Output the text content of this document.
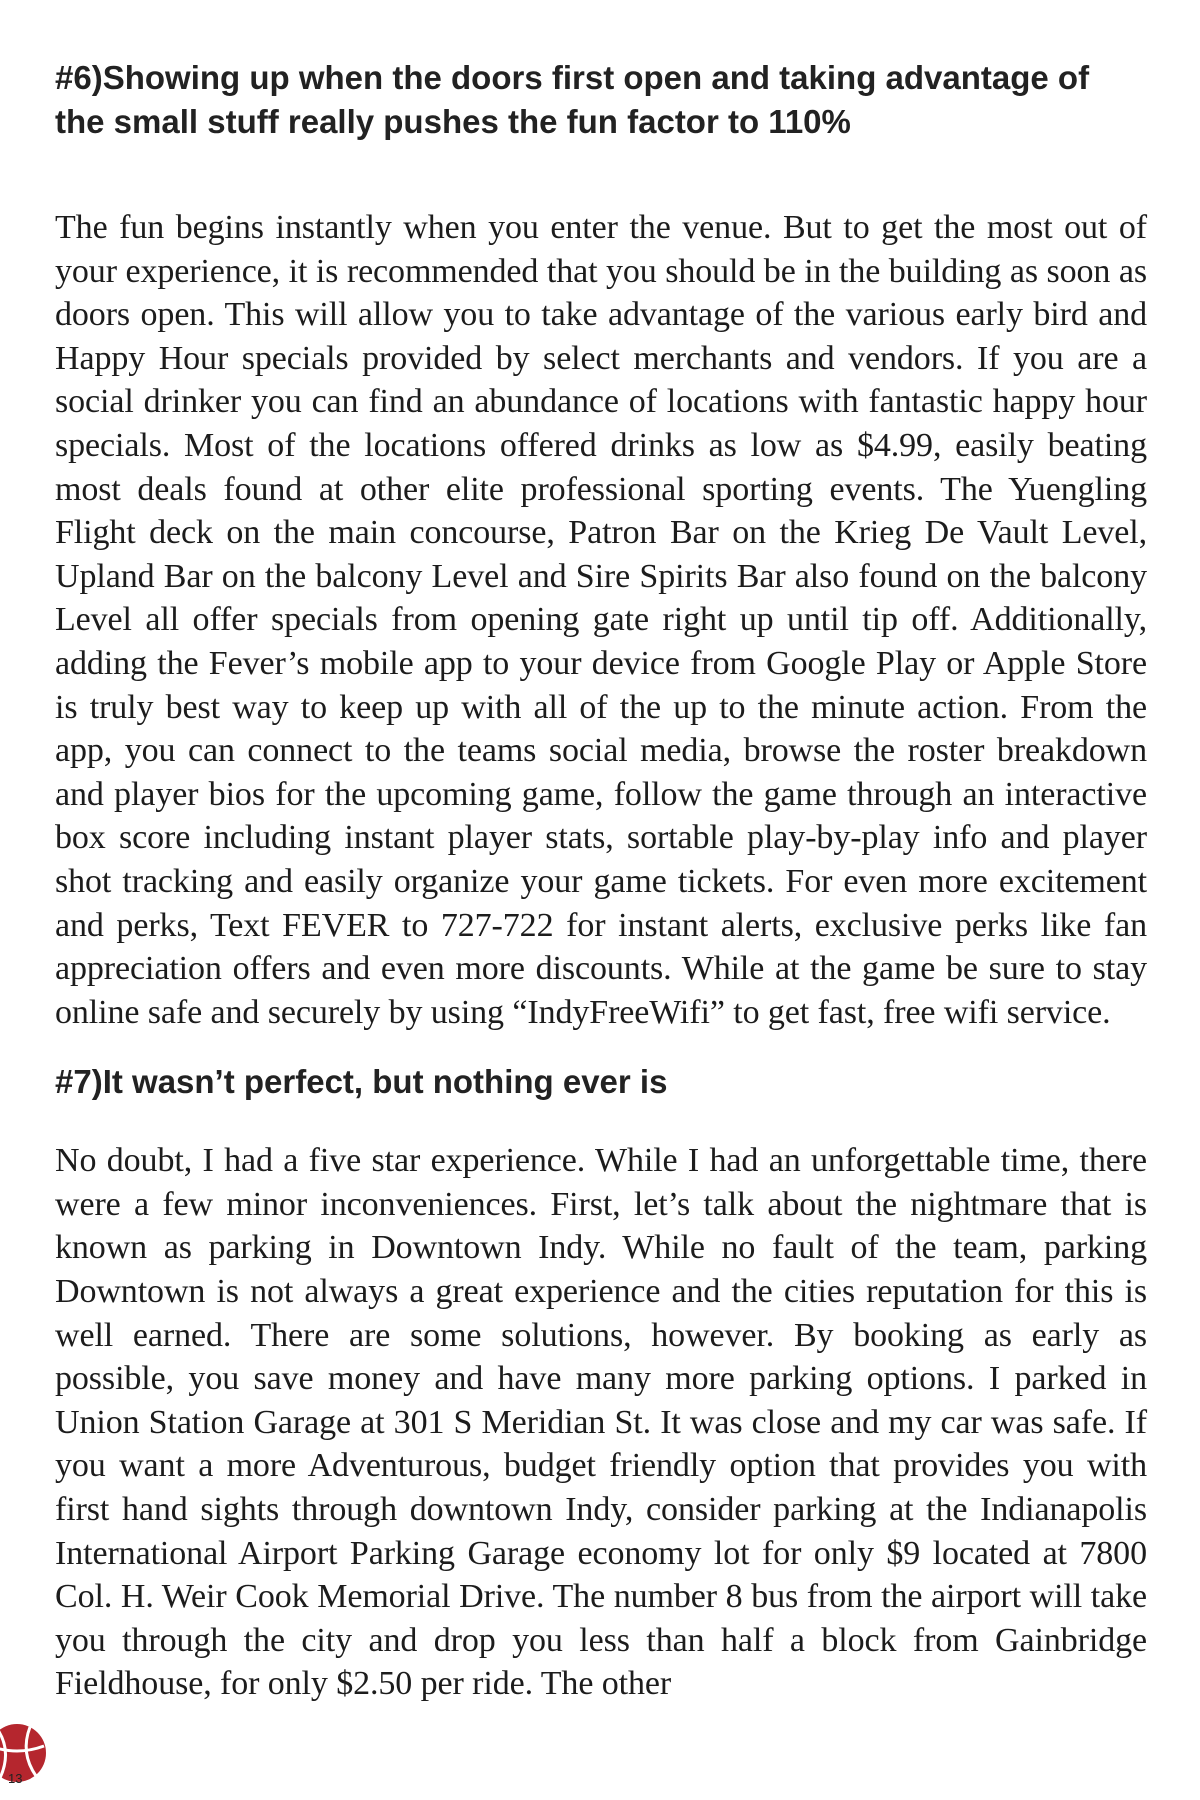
#6)Showing up when the doors first open and taking advantage of the small stuff really pushes the fun factor to 110%

The fun begins instantly when you enter the venue. But to get the most out of your experience, it is recommended that you should be in the building as soon as doors open. This will allow you to take advantage of the various early bird and Happy Hour specials provided by select merchants and vendors. If you are a social drinker you can find an abundance of locations with fantastic happy hour specials. Most of the locations offered drinks as low as $4.99, easily beating most deals found at other elite professional sporting events. The Yuengling Flight deck on the main concourse, Patron Bar on the Krieg De Vault Level, Upland Bar on the balcony Level and Sire Spirits Bar also found on the balcony Level all offer specials from opening gate right up until tip off. Additionally, adding the Fever’s mobile app to your device from Google Play or Apple Store is truly best way to keep up with all of the up to the minute action. From the app, you can connect to the teams social media, browse the roster breakdown and player bios for the upcoming game, follow the game through an interactive box score including instant player stats, sortable play-by-play info and player shot tracking and easily organize your game tickets. For even more excitement and perks, Text FEVER to 727-722 for instant alerts, exclusive perks like fan appreciation offers and even more discounts. While at the game be sure to stay online safe and securely by using “IndyFreeWifi” to get fast, free wifi service.

#7)It wasn’t perfect, but nothing ever is

No doubt, I had a five star experience. While I had an unforgettable time, there were a few minor inconveniences. First, let’s talk about the nightmare that is known as parking in Downtown Indy. While no fault of the team, parking Downtown is not always a great experience and the cities reputation for this is well earned. There are some solutions, however. By booking as early as possible, you save money and have many more parking options. I parked in Union Station Garage at 301 S Meridian St. It was close and my car was safe. If you want a more Adventurous, budget friendly option that provides you with first hand sights through downtown Indy, consider parking at the Indianapolis International Airport Parking Garage economy lot for only $9 located at 7800 Col. H. Weir Cook Memorial Drive. The number 8 bus from the airport will take you through the city and drop you less than half a block from Gainbridge Fieldhouse, for only $2.50 per ride. The other

13
